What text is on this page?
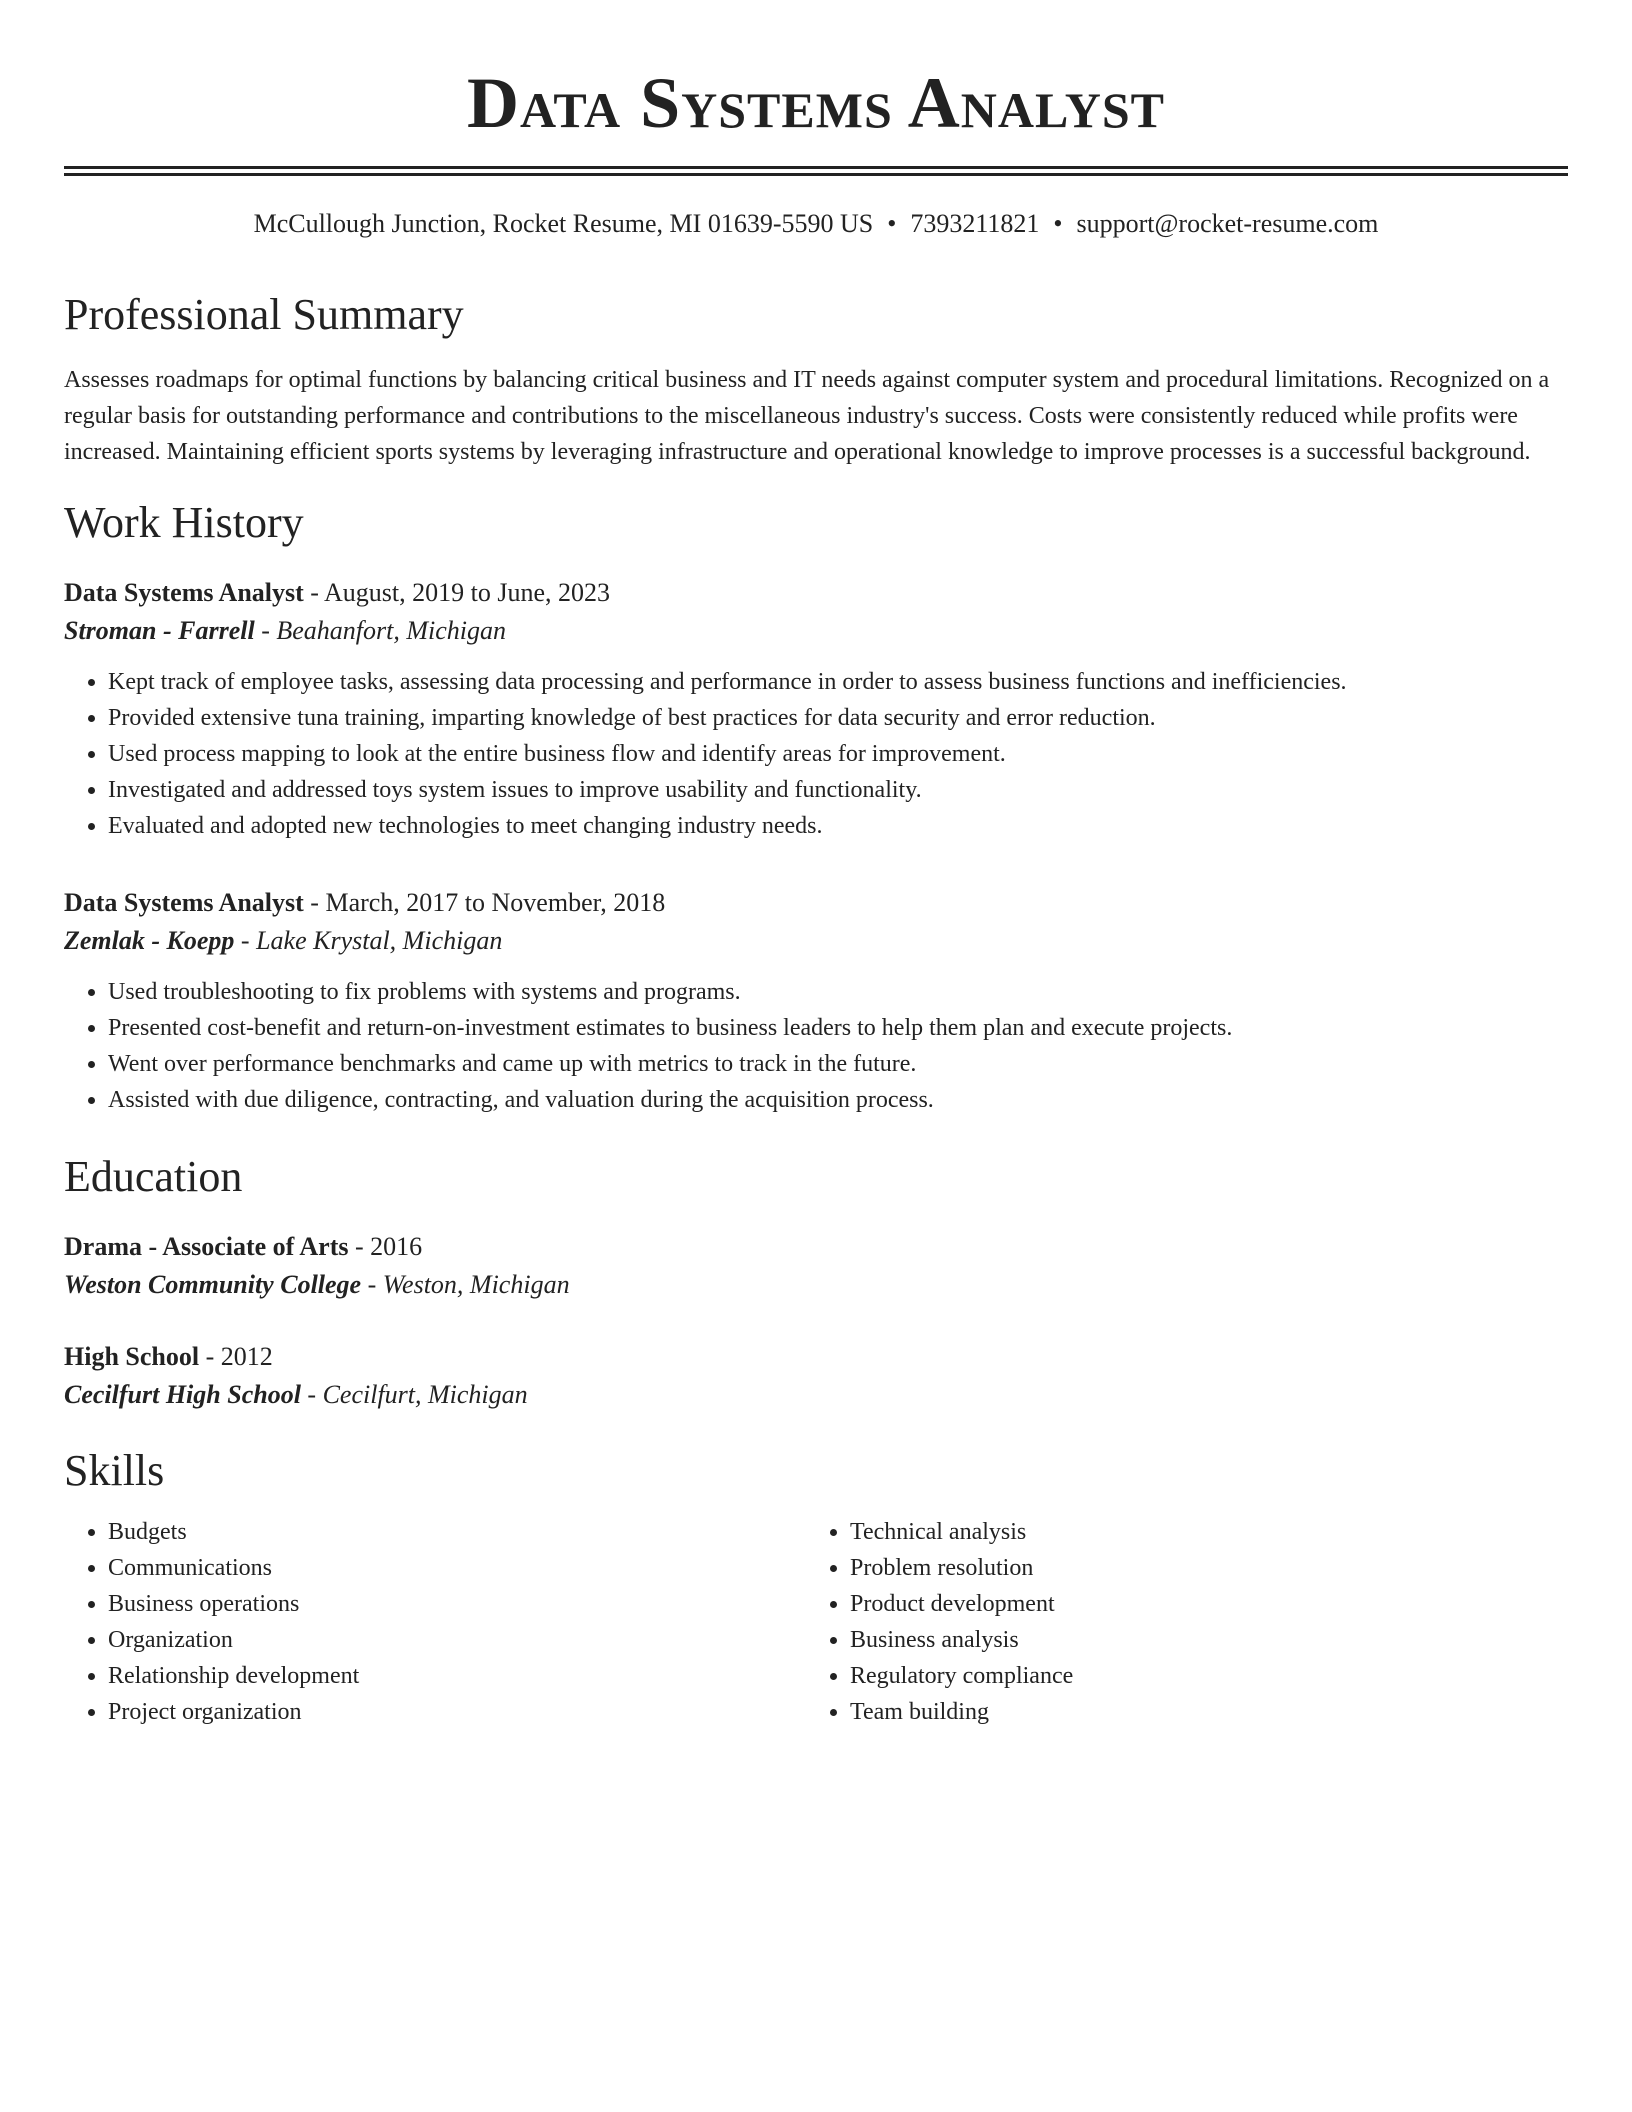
Data Systems Analyst
McCullough Junction, Rocket Resume, MI 01639-5590 US • 7393211821 • support@rocket-resume.com
Professional Summary

Assesses roadmaps for optimal functions by balancing critical business and IT needs against computer system and procedural limitations. Recognized on a regular basis for outstanding performance and contributions to the miscellaneous industry's success. Costs were consistently reduced while profits were increased. Maintaining efficient sports systems by leveraging infrastructure and operational knowledge to improve processes is a successful background.

Work History
Data Systems Analyst - August, 2019 to June, 2023
Stroman - Farrell - Beahanfort, Michigan
• Kept track of employee tasks, assessing data processing and performance in order to assess business functions and inefficiencies.
• Provided extensive tuna training, imparting knowledge of best practices for data security and error reduction.
• Used process mapping to look at the entire business flow and identify areas for improvement.
• Investigated and addressed toys system issues to improve usability and functionality.
• Evaluated and adopted new technologies to meet changing industry needs.
Data Systems Analyst - March, 2017 to November, 2018
Zemlak - Koepp - Lake Krystal, Michigan
• Used troubleshooting to fix problems with systems and programs.
• Presented cost-benefit and return-on-investment estimates to business leaders to help them plan and execute projects.
• Went over performance benchmarks and came up with metrics to track in the future.
• Assisted with due diligence, contracting, and valuation during the acquisition process.
Education
Drama - Associate of Arts - 2016
Weston Community College - Weston, Michigan
High School - 2012
Cecilfurt High School - Cecilfurt, Michigan
Skills
• Budgets
• Communications
• Business operations
• Organization
• Relationship development
• Project organization
• Technical analysis
• Problem resolution
• Product development
• Business analysis
• Regulatory compliance
• Team building
